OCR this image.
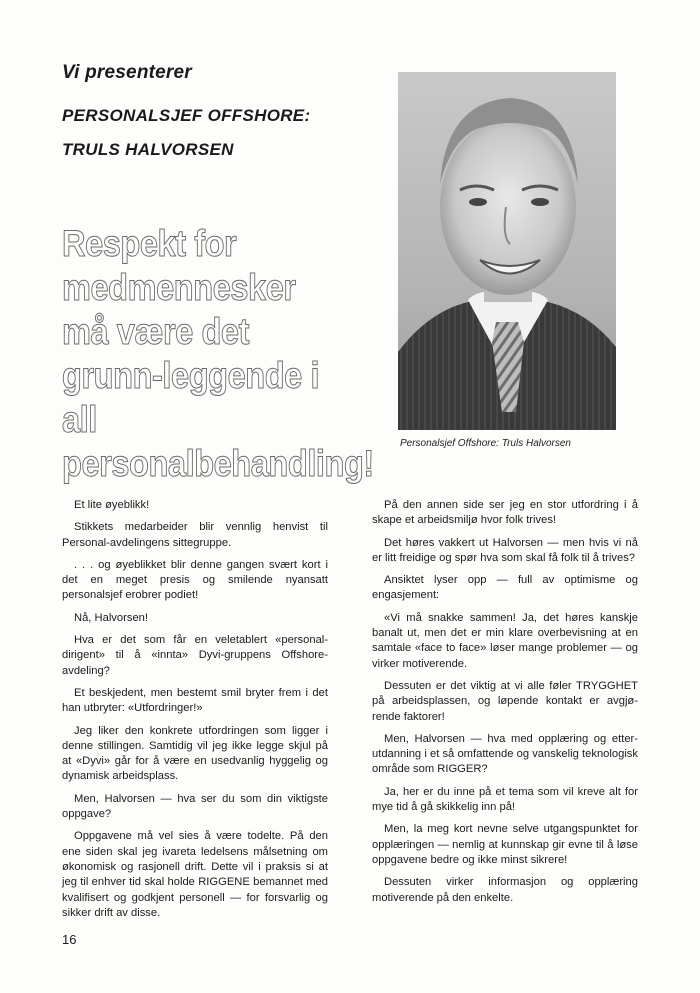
Vi presenterer
PERSONALSJEF OFFSHORE:
TRULS HALVORSEN
Personalsjef Offshore: Truls Halvorsen
Respekt for medmennesker må være det grunn-leggende i all personalbehandling!

Et lite øyeblikk!

Stikkets medarbeider blir vennlig henvist til Personal-avdelingens sittegruppe.

. . . og øyeblikket blir denne gangen svært kort i det en meget presis og smilende nyansatt personalsjef erobrer podiet!

Nå, Halvorsen!

Hva er det som får en veletablert «personal-dirigent» til å «innta» Dyvi-gruppens Offshore-avdeling?

Et beskjedent, men bestemt smil bryter frem i det han utbryter: «Utfordringer!»

Jeg liker den konkrete utfordringen som ligger i denne stillingen. Samtidig vil jeg ikke legge skjul på at «Dyvi» går for å være en usedvanlig hyggelig og dynamisk arbeidsplass.

Men, Halvorsen — hva ser du som din viktigste oppgave?

Oppgavene må vel sies å være todelte. På den ene siden skal jeg ivareta ledelsens målsetning om økonomisk og rasjonell drift. Dette vil i praksis si at jeg til enhver tid skal holde RIGGENE bemannet med kvalifisert og godkjent personell — for forsvarlig og sikker drift av disse.

På den annen side ser jeg en stor utfordring i å skape et arbeidsmiljø hvor folk trives!

Det høres vakkert ut Halvorsen — men hvis vi nå er litt freidige og spør hva som skal få folk til å trives?

Ansiktet lyser opp — full av optimisme og engasjement:

«Vi må snakke sammen! Ja, det høres kanskje banalt ut, men det er min klare overbevisning at en samtale «face to face» løser mange problemer — og virker motiverende.

Dessuten er det viktig at vi alle føler TRYGGHET på arbeidsplassen, og løpende kontakt er avgjø-rende faktorer!

Men, Halvorsen — hva med opplæring og etter-utdanning i et så omfattende og vanskelig teknologisk område som RIGGER?

Ja, her er du inne på et tema som vil kreve alt for mye tid å gå skikkelig inn på!

Men, la meg kort nevne selve utgangspunktet for opplæringen — nemlig at kunnskap gir evne til å løse oppgavene bedre og ikke minst sikrere!

Dessuten virker informasjon og opplæring motiverende på den enkelte.

16
